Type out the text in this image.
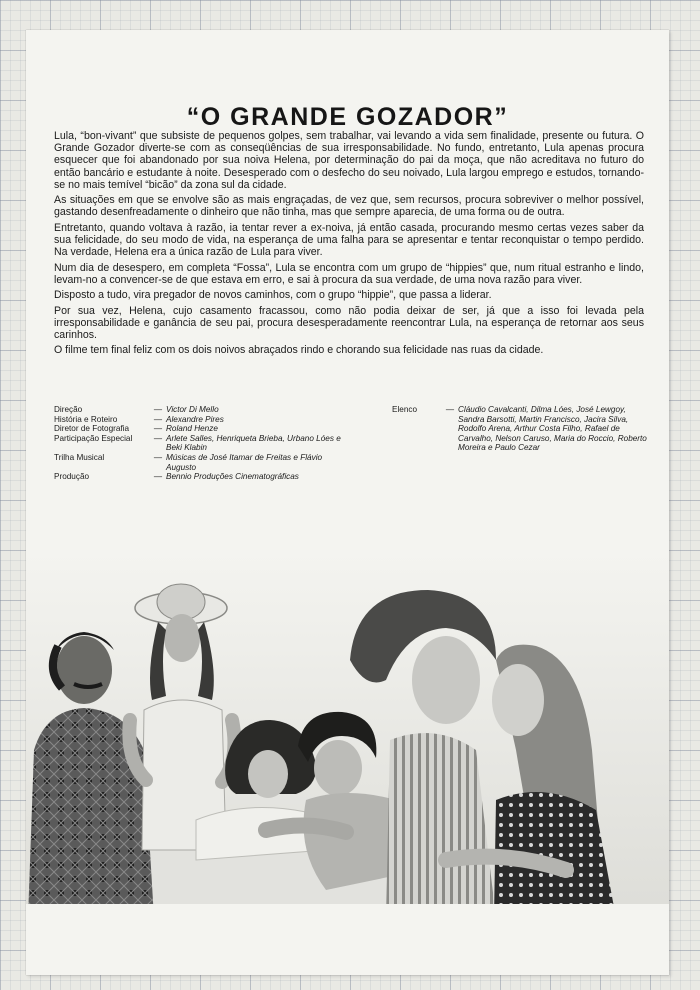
“O GRANDE GOZADOR”

Lula, “bon-vivant” que subsiste de pequenos golpes, sem trabalhar, vai levando a vida sem finalidade, presente ou futura. O Grande Gozador diverte-se com as conseqüências de sua irresponsabilidade. No fundo, entretanto, Lula apenas procura esquecer que foi abandonado por sua noiva Helena, por determinação do pai da moça, que não acreditava no futuro do então bancário e estudante à noite. Desesperado com o desfecho do seu noivado, Lula largou emprego e estudos, tornando-se no mais temível “bicão” da zona sul da cidade.

As situações em que se envolve são as mais engraçadas, de vez que, sem recursos, procura sobreviver o melhor possível, gastando desenfreadamente o dinheiro que não tinha, mas que sempre aparecia, de uma forma ou de outra.

Entretanto, quando voltava à razão, ia tentar rever a ex-noiva, já então casada, procurando mesmo certas vezes saber da sua felicidade, do seu modo de vida, na esperança de uma falha para se apresentar e tentar reconquistar o tempo perdido. Na verdade, Helena era a única razão de Lula para viver.

Num dia de desespero, em completa “Fossa”, Lula se encontra com um grupo de “hippies” que, num ritual estranho e lindo, levam-no a convencer-se de que estava em erro, e sai à procura da sua verdade, de uma nova razão para viver.

Disposto a tudo, vira pregador de novos caminhos, com o grupo “hippie”, que passa a liderar.

Por sua vez, Helena, cujo casamento fracassou, como não podia deixar de ser, já que a isso foi levada pela irresponsabilidade e ganância de seu pai, procura desesperadamente reencontrar Lula, na esperança de retornar aos seus carinhos.

O filme tem final feliz com os dois noivos abraçados rindo e chorando sua felicidade nas ruas da cidade.

Direção	— Victor Di Mello
História e Roteiro	— Alexandre Pires
Diretor de Fotografia	— Roland Henze
Participação Especial	— Arlete Salles, Henriqueta Brieba, Urbano Lóes e Beki Klabin
Trilha Musical	— Músicas de José Itamar de Freitas e Flávio Augusto
Produção	— Bennio Produções Cinematográficas
Elenco	— Cláudio Cavalcanti, Dilma Lóes, José Lewgoy, Sandra Barsotti, Martin Francisco, Jacira Silva, Rodolfo Arena, Arthur Costa Filho, Rafael de Carvalho, Nelson Caruso, Maria do Roccio, Roberto Moreira e Paulo Cezar
